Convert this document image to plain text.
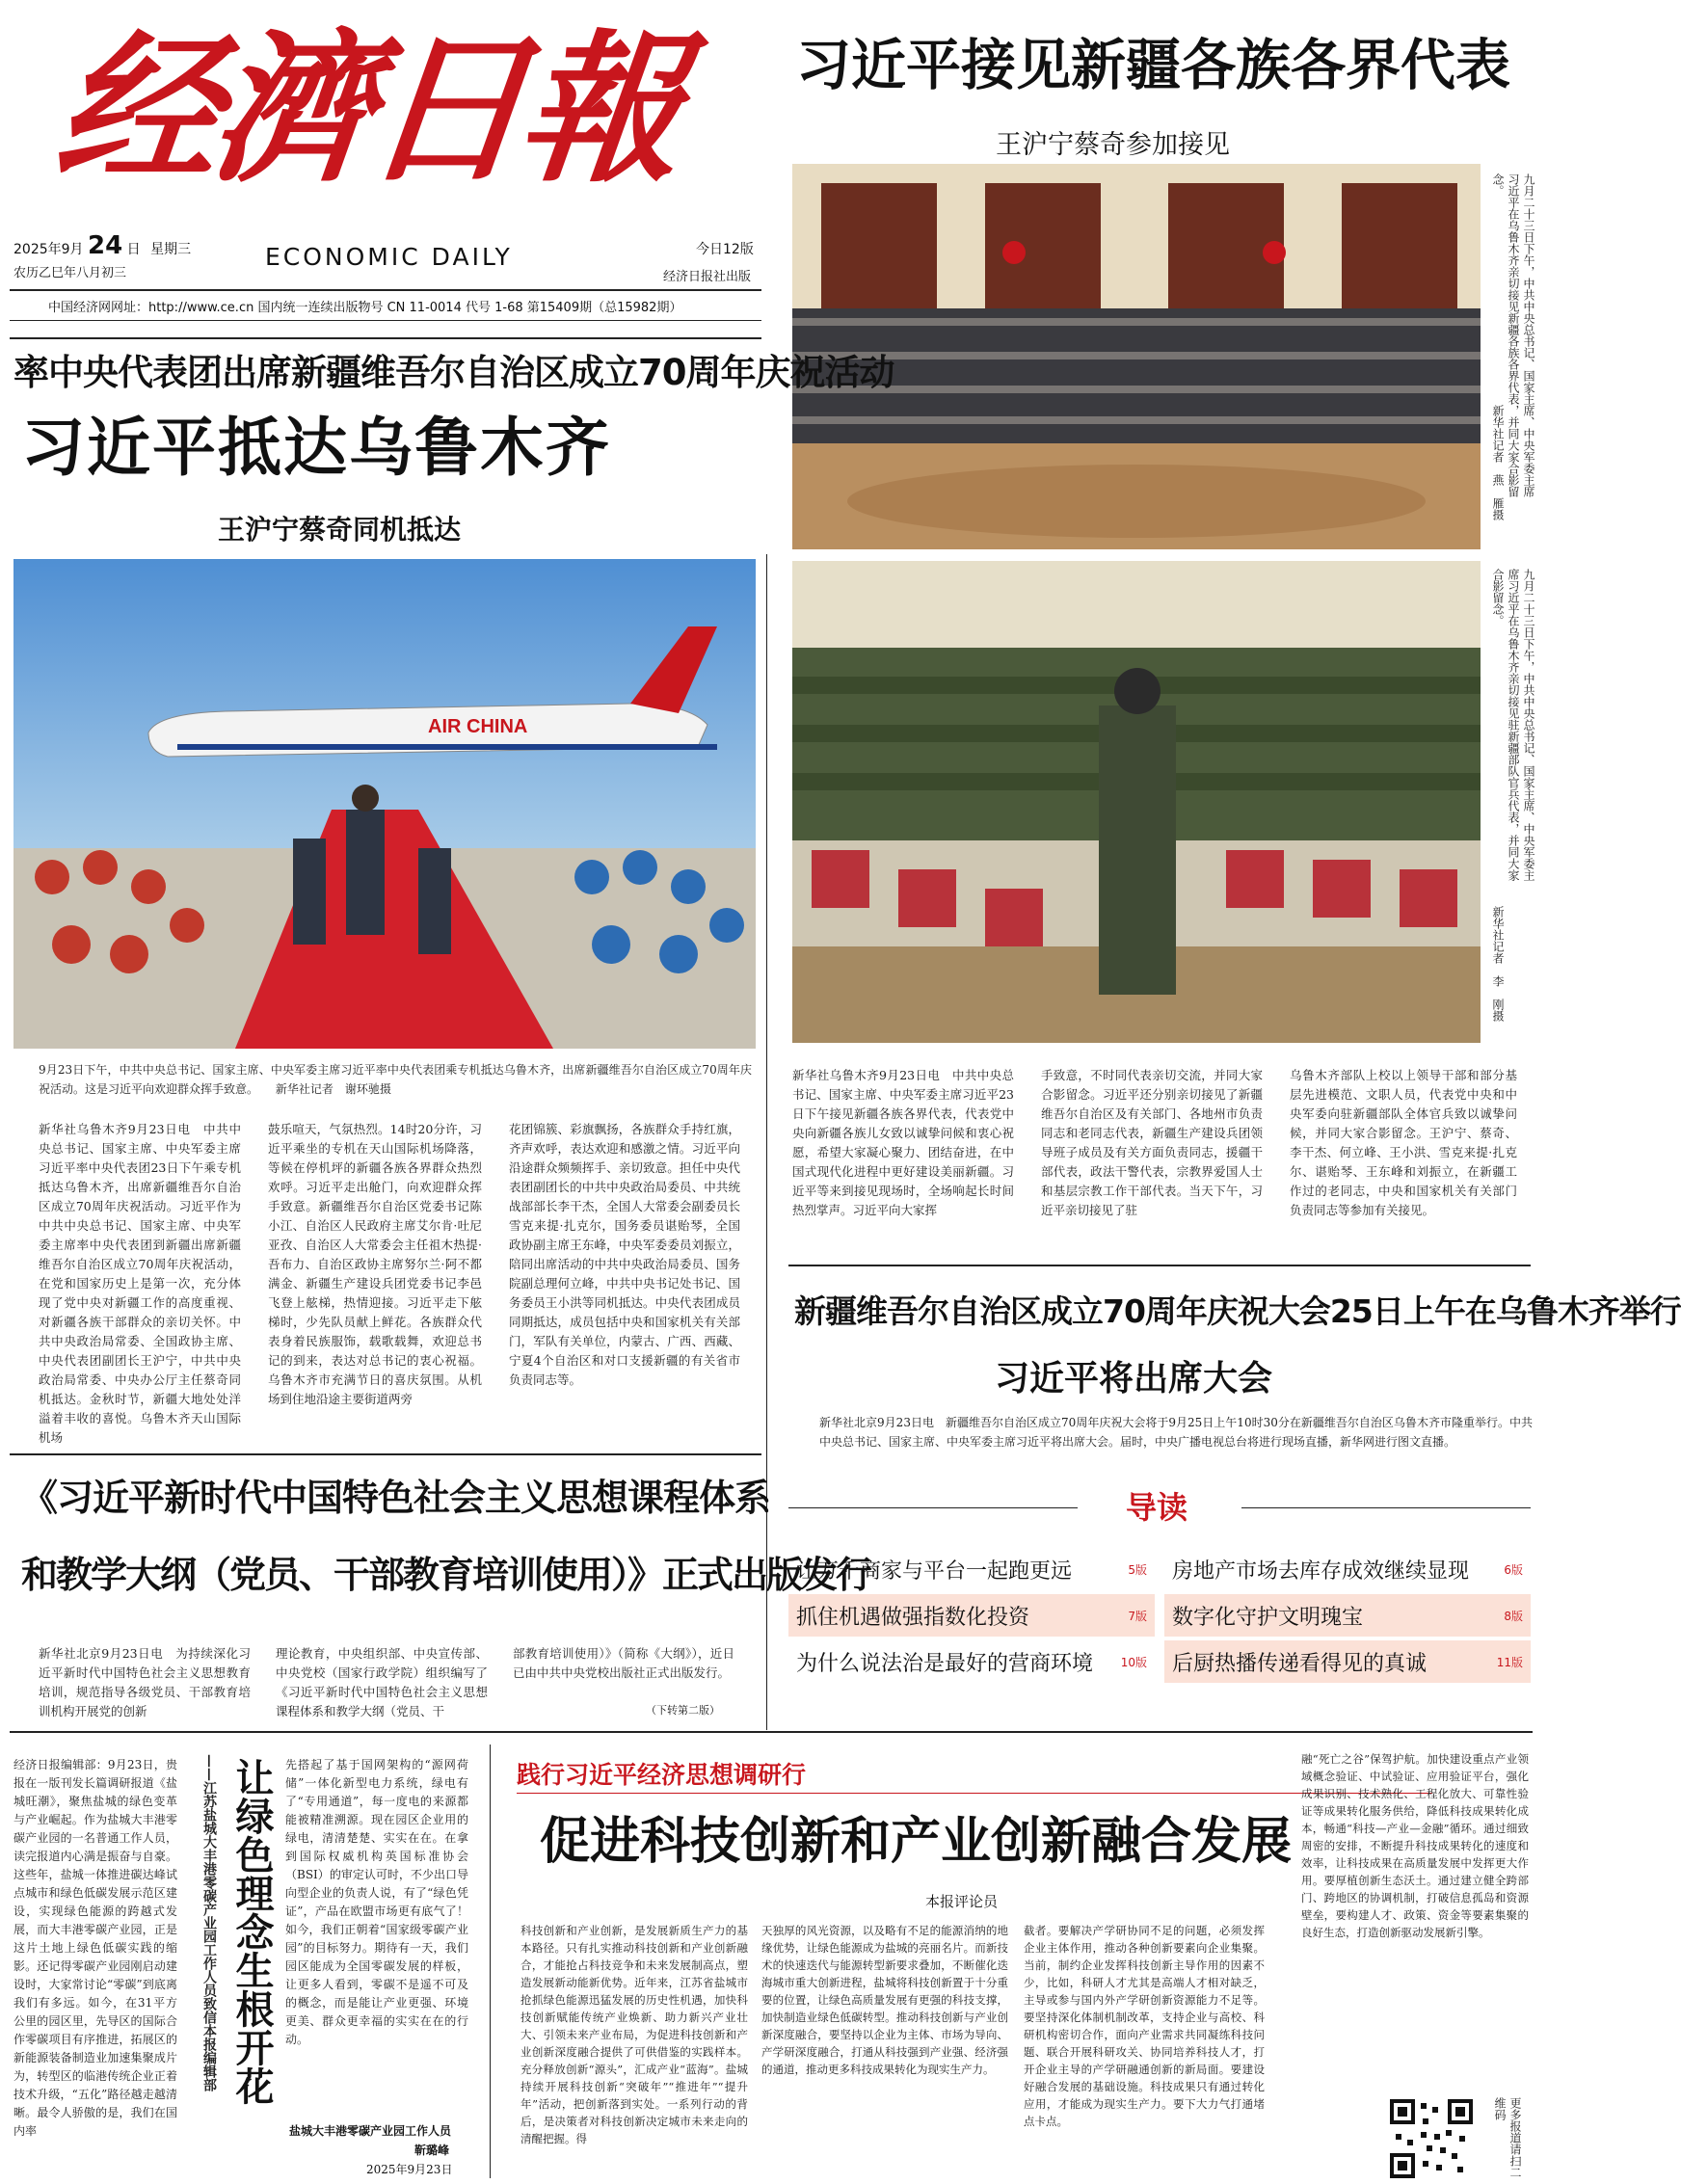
经濟日報
2025年9月 24 日 星期三
农历乙巳年八月初三
ECONOMIC DAILY	今日12版
经济日报社出版
中国经济网网址：http://www.ce.cn 国内统一连续出版物号 CN 11-0014 代号 1-68 第15409期（总15982期）
习近平接见新疆各族各界代表
王沪宁蔡奇参加接见
九月二十三日下午，中共中央总书记、国家主席、中央军委主席习近平在乌鲁木齐亲切接见新疆各族各界代表，并同大家合影留念。
新华社记者　燕　雁摄
九月二十三日下午，中共中央总书记、国家主席、中央军委主席习近平在乌鲁木齐亲切接见驻新疆部队官兵代表，并同大家合影留念。
新华社记者　李　刚摄
率中央代表团出席新疆维吾尔自治区成立70周年庆祝活动
习近平抵达乌鲁木齐
王沪宁蔡奇同机抵达
AIR CHINA
9月23日下午，中共中央总书记、国家主席、中央军委主席习近平率中央代表团乘专机抵达乌鲁木齐，出席新疆维吾尔自治区成立70周年庆祝活动。这是习近平向欢迎群众挥手致意。 新华社记者　谢环驰摄
新华社乌鲁木齐9月23日电　中共中央总书记、国家主席、中央军委主席习近平率中央代表团23日下午乘专机抵达乌鲁木齐，出席新疆维吾尔自治区成立70周年庆祝活动。习近平作为中共中央总书记、国家主席、中央军委主席率中央代表团到新疆出席新疆维吾尔自治区成立70周年庆祝活动，在党和国家历史上是第一次，充分体现了党中央对新疆工作的高度重视、对新疆各族干部群众的亲切关怀。中共中央政治局常委、全国政协主席、中央代表团副团长王沪宁，中共中央政治局常委、中央办公厅主任蔡奇同机抵达。金秋时节，新疆大地处处洋溢着丰收的喜悦。乌鲁木齐天山国际机场
鼓乐喧天，气氛热烈。14时20分许，习近平乘坐的专机在天山国际机场降落，等候在停机坪的新疆各族各界群众热烈欢呼。习近平走出舱门，向欢迎群众挥手致意。新疆维吾尔自治区党委书记陈小江、自治区人民政府主席艾尔肯·吐尼亚孜、自治区人大常委会主任祖木热提·吾布力、自治区政协主席努尔兰·阿不都满金、新疆生产建设兵团党委书记李邑飞登上舷梯，热情迎接。习近平走下舷梯时，少先队员献上鲜花。各族群众代表身着民族服饰，载歌载舞，欢迎总书记的到来，表达对总书记的衷心祝福。乌鲁木齐市充满节日的喜庆氛围。从机场到住地沿途主要街道两旁
花团锦簇、彩旗飘扬，各族群众手持红旗，齐声欢呼，表达欢迎和感激之情。习近平向沿途群众频频挥手、亲切致意。担任中央代表团副团长的中共中央政治局委员、中共统战部部长李干杰，全国人大常委会副委员长雪克来提·扎克尔，国务委员谌贻琴，全国政协副主席王东峰，中央军委委员刘振立，陪同出席活动的中共中央政治局委员、国务院副总理何立峰，中共中央书记处书记、国务委员王小洪等同机抵达。中央代表团成员同期抵达，成员包括中央和国家机关有关部门，军队有关单位，内蒙古、广西、西藏、宁夏4个自治区和对口支援新疆的有关省市负责同志等。
新华社乌鲁木齐9月23日电　中共中央总书记、国家主席、中央军委主席习近平23日下午接见新疆各族各界代表，代表党中央向新疆各族儿女致以诚挚问候和衷心祝愿，希望大家凝心聚力、团结奋进，在中国式现代化进程中更好建设美丽新疆。习近平等来到接见现场时，全场响起长时间热烈掌声。习近平向大家挥
手致意，不时同代表亲切交流，并同大家合影留念。习近平还分别亲切接见了新疆维吾尔自治区及有关部门、各地州市负责同志和老同志代表，新疆生产建设兵团领导班子成员及有关方面负责同志，援疆干部代表，政法干警代表，宗教界爱国人士和基层宗教工作干部代表。当天下午，习近平亲切接见了驻
乌鲁木齐部队上校以上领导干部和部分基层先进模范、文职人员，代表党中央和中央军委向驻新疆部队全体官兵致以诚挚问候，并同大家合影留念。王沪宁、蔡奇、李干杰、何立峰、王小洪、雪克来提·扎克尔、谌贻琴、王东峰和刘振立，在新疆工作过的老同志，中央和国家机关有关部门负责同志等参加有关接见。
新疆维吾尔自治区成立70周年庆祝大会25日上午在乌鲁木齐举行
习近平将出席大会
新华社北京9月23日电　新疆维吾尔自治区成立70周年庆祝大会将于9月25日上午10时30分在新疆维吾尔自治区乌鲁木齐市隆重举行。中共中央总书记、国家主席、中央军委主席习近平将出席大会。届时，中央广播电视总台将进行现场直播，新华网进行图文直播。
导读
让万千商家与平台一起跑更远	5版 房地产市场去库存成效继续显现	6版
抓住机遇做强指数化投资	7版 数字化守护文明瑰宝	8版
为什么说法治是最好的营商环境 10版 后厨热播传递看得见的真诚	11版
《习近平新时代中国特色社会主义思想课程体系
和教学大纲（党员、干部教育培训使用）》正式出版发行
新华社北京9月23日电　为持续深化习近平新时代中国特色社会主义思想教育培训，规范指导各级党员、干部教育培训机构开展党的创新
理论教育，中央组织部、中央宣传部、中央党校（国家行政学院）组织编写了《习近平新时代中国特色社会主义思想课程体系和教学大纲（党员、干
部教育培训使用）》（简称《大纲》），近日已由中共中央党校出版社正式出版发行。
（下转第二版）
经济日报编辑部：9月23日，贵报在一版刊发长篇调研报道《盐城旺潮》，聚焦盐城的绿色变革与产业崛起。作为盐城大丰港零碳产业园的一名普通工作人员，读完报道内心满是振奋与自豪。这些年，盐城一体推进碳达峰试点城市和绿色低碳发展示范区建设，实现绿色能源的跨越式发展，而大丰港零碳产业园，正是这片土地上绿色低碳实践的缩影。还记得零碳产业园刚启动建设时，大家常讨论“零碳”到底离我们有多远。如今，在31平方公里的园区里，先导区的国际合作零碳项目有序推进，拓展区的新能源装备制造业加速集聚成片为，转型区的临港传统企业正着技术升级，“五化”路径越走越清晰。最令人骄傲的是，我们在国内率
——江苏盐城大丰港零碳产业园工作人员致信本报编辑部 让绿色理念生根开花 先搭起了基于国网架构的“源网荷储”一体化新型电力系统，绿电有了“专用通道”，每一度电的来源都能被精准溯源。现在园区企业用的绿电，清清楚楚、实实在在。在拿到国际权威机构英国标准协会（BSI）的审定认可时，不少出口导向型企业的负责人说，有了“绿色凭证”，产品在欧盟市场更有底气了！如今，我们正朝着“国家级零碳产业园”的目标努力。期待有一天，我们园区能成为全国零碳发展的样板，让更多人看到，零碳不是遥不可及的概念，而是能让产业更强、环境更美、群众更幸福的实实在在的行动。
盐城大丰港零碳产业园工作人员
靳璐峰
2025年9月23日
践行习近平经济思想调研行
促进科技创新和产业创新融合发展
本报评论员
科技创新和产业创新，是发展新质生产力的基本路径。只有扎实推动科技创新和产业创新融合，才能抢占科技竞争和未来发展制高点，塑造发展新动能新优势。近年来，江苏省盐城市抢抓绿色能源迅猛发展的历史性机遇，加快科技创新赋能传统产业焕新、助力新兴产业壮大、引领未来产业布局，为促进科技创新和产业创新深度融合提供了可供借鉴的实践样本。充分释放创新“源头”，汇成产业“蓝海”。盐城持续开展科技创新“突破年”“推进年”“提升年”活动，把创新落到实处。一系列行动的背后，是决策者对科技创新决定城市未来走向的清醒把握。得
天独厚的风光资源，以及略有不足的能源消纳的地缘优势，让绿色能源成为盐城的亮丽名片。而新技术的快速迭代与能源转型新要求叠加，不断催化迭海城市重大创新进程，盐城将科技创新置于十分重要的位置，让绿色高质量发展有更强的科技支撑，加快制造业绿色低碳转型。推动科技创新与产业创新深度融合，要坚持以企业为主体、市场为导向、产学研深度融合，打通从科技强到产业强、经济强的通道，推动更多科技成果转化为现实生产力。
截者。要解决产学研协同不足的问题，必须发挥企业主体作用，推动各种创新要素向企业集聚。当前，制约企业发挥科技创新主导作用的因素不少，比如，科研人才尤其是高端人才相对缺乏，主导或参与国内外产学研创新资源能力不足等。要坚持深化体制机制改革，支持企业与高校、科研机构密切合作，面向产业需求共同凝练科技问题、联合开展科研攻关、协同培养科技人才，打开企业主导的产学研融通创新的新局面。要建设好融合发展的基础设施。科技成果只有通过转化应用，才能成为现实生产力。要下大力气打通堵点卡点。
融“死亡之谷”保驾护航。加快建设重点产业领域概念验证、中试验证、应用验证平台，强化成果识别、技术熟化、工程化放大、可靠性验证等成果转化服务供给，降低科技成果转化成本，畅通“科技—产业—金融”循环。通过细致周密的安排，不断提升科技成果转化的速度和效率，让科技成果在高质量发展中发挥更大作用。要厚植创新生态沃土。通过建立健全跨部门、跨地区的协调机制，打破信息孤岛和资源壁垒，要构建人才、政策、资金等要素集聚的良好生态，打造创新驱动发展新引擎。
更多报道请扫二维码
